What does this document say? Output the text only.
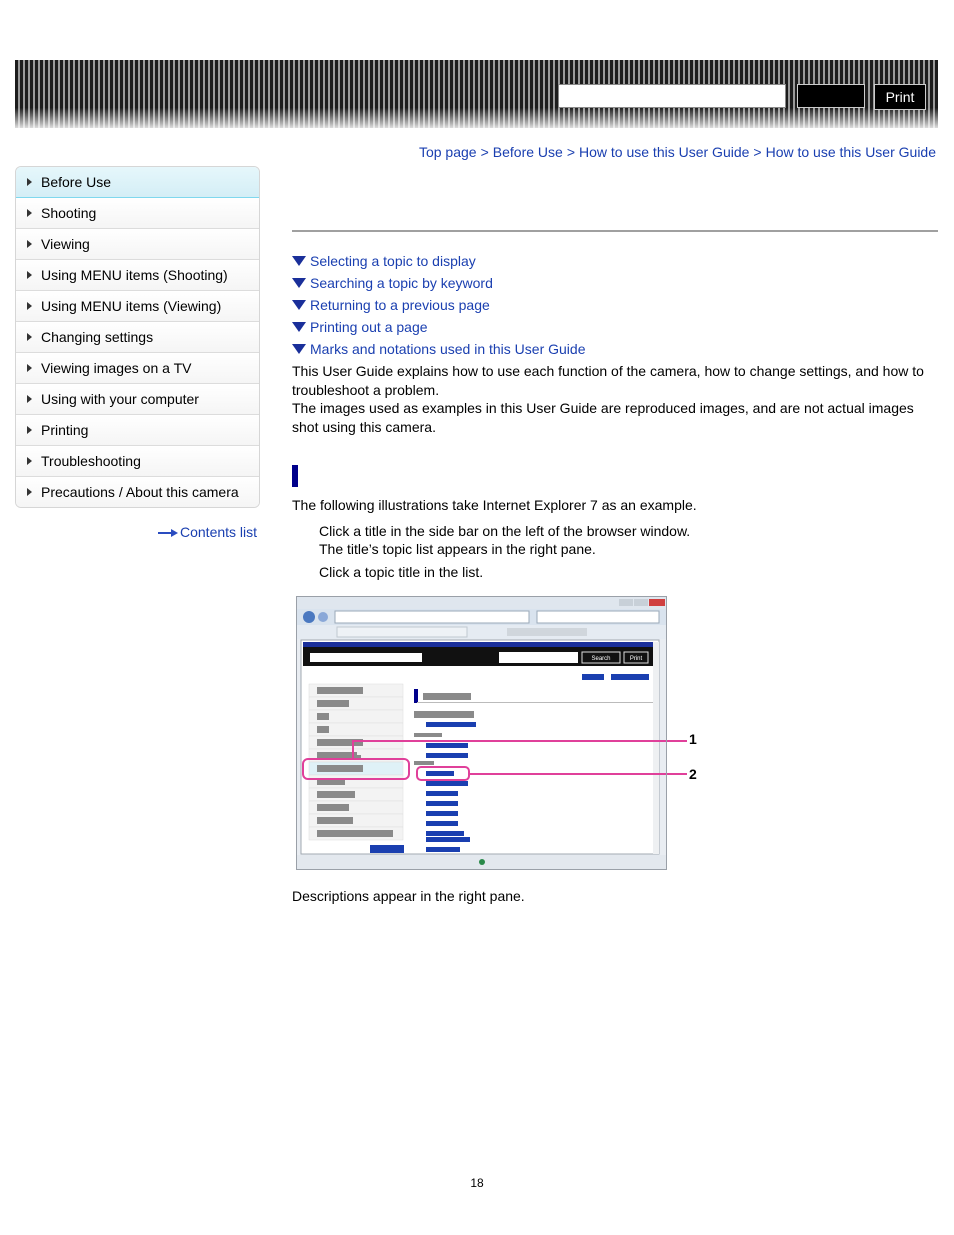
Print
Top page > Before Use > How to use this User Guide > How to use this User Guide
Before Use
Shooting
Viewing
Using MENU items (Shooting)
Using MENU items (Viewing)
Changing settings
Viewing images on a TV
Using with your computer
Printing
Troubleshooting
Precautions / About this camera
Contents list
Selecting a topic to display
Searching a topic by keyword
Returning to a previous page
Printing out a page
Marks and notations used in this User Guide
This User Guide explains how to use each function of the camera, how to change settings, and how to troubleshoot a problem.
The images used as examples in this User Guide are reproduced images, and are not actual images shot using this camera.
The following illustrations take Internet Explorer 7 as an example.
Click a title in the side bar on the left of the browser window.
The title’s topic list appears in the right pane.
Click a topic title in the list.
Search	Print
1
2
Descriptions appear in the right pane.
18
